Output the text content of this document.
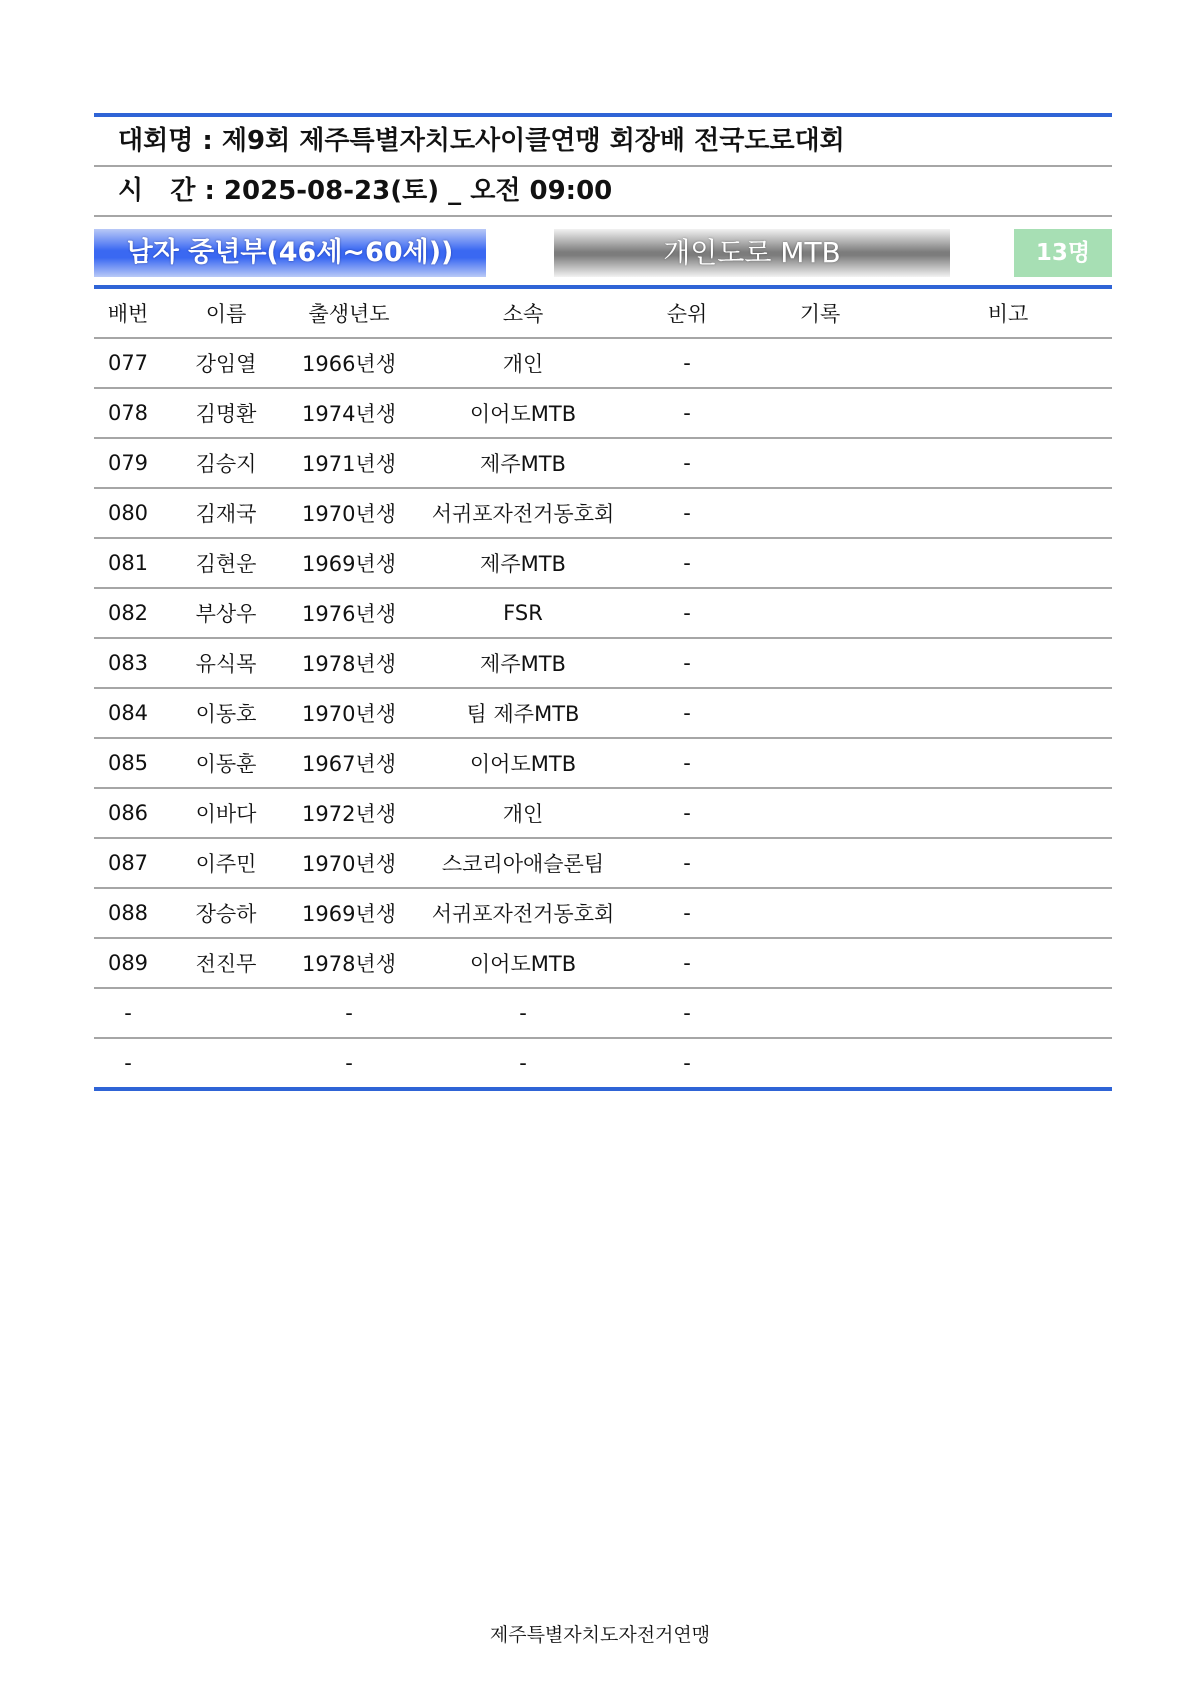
대회명 : 제9회 제주특별자치도사이클연맹 회장배 전국도로대회
시   간 : 2025-08-23(토) _ 오전 09:00
남자 중년부(46세~60세))	개인도로 MTB	13명
배번	이름	출생년도	소속	순위	기록	비고
077	강임열	1966년생	개인	-		
078	김명환	1974년생	이어도MTB	-		
079	김승지	1971년생	제주MTB	-		
080	김재국	1970년생	서귀포자전거동호회	-		
081	김현운	1969년생	제주MTB	-		
082	부상우	1976년생	FSR	-		
083	유식목	1978년생	제주MTB	-		
084	이동호	1970년생	팀 제주MTB	-		
085	이동훈	1967년생	이어도MTB	-		
086	이바다	1972년생	개인	-		
087	이주민	1970년생	스코리아애슬론팀	-		
088	장승하	1969년생	서귀포자전거동호회	-		
089	전진무	1978년생	이어도MTB	-		
-		-	-	-		
-		-	-	-		
제주특별자치도자전거연맹
